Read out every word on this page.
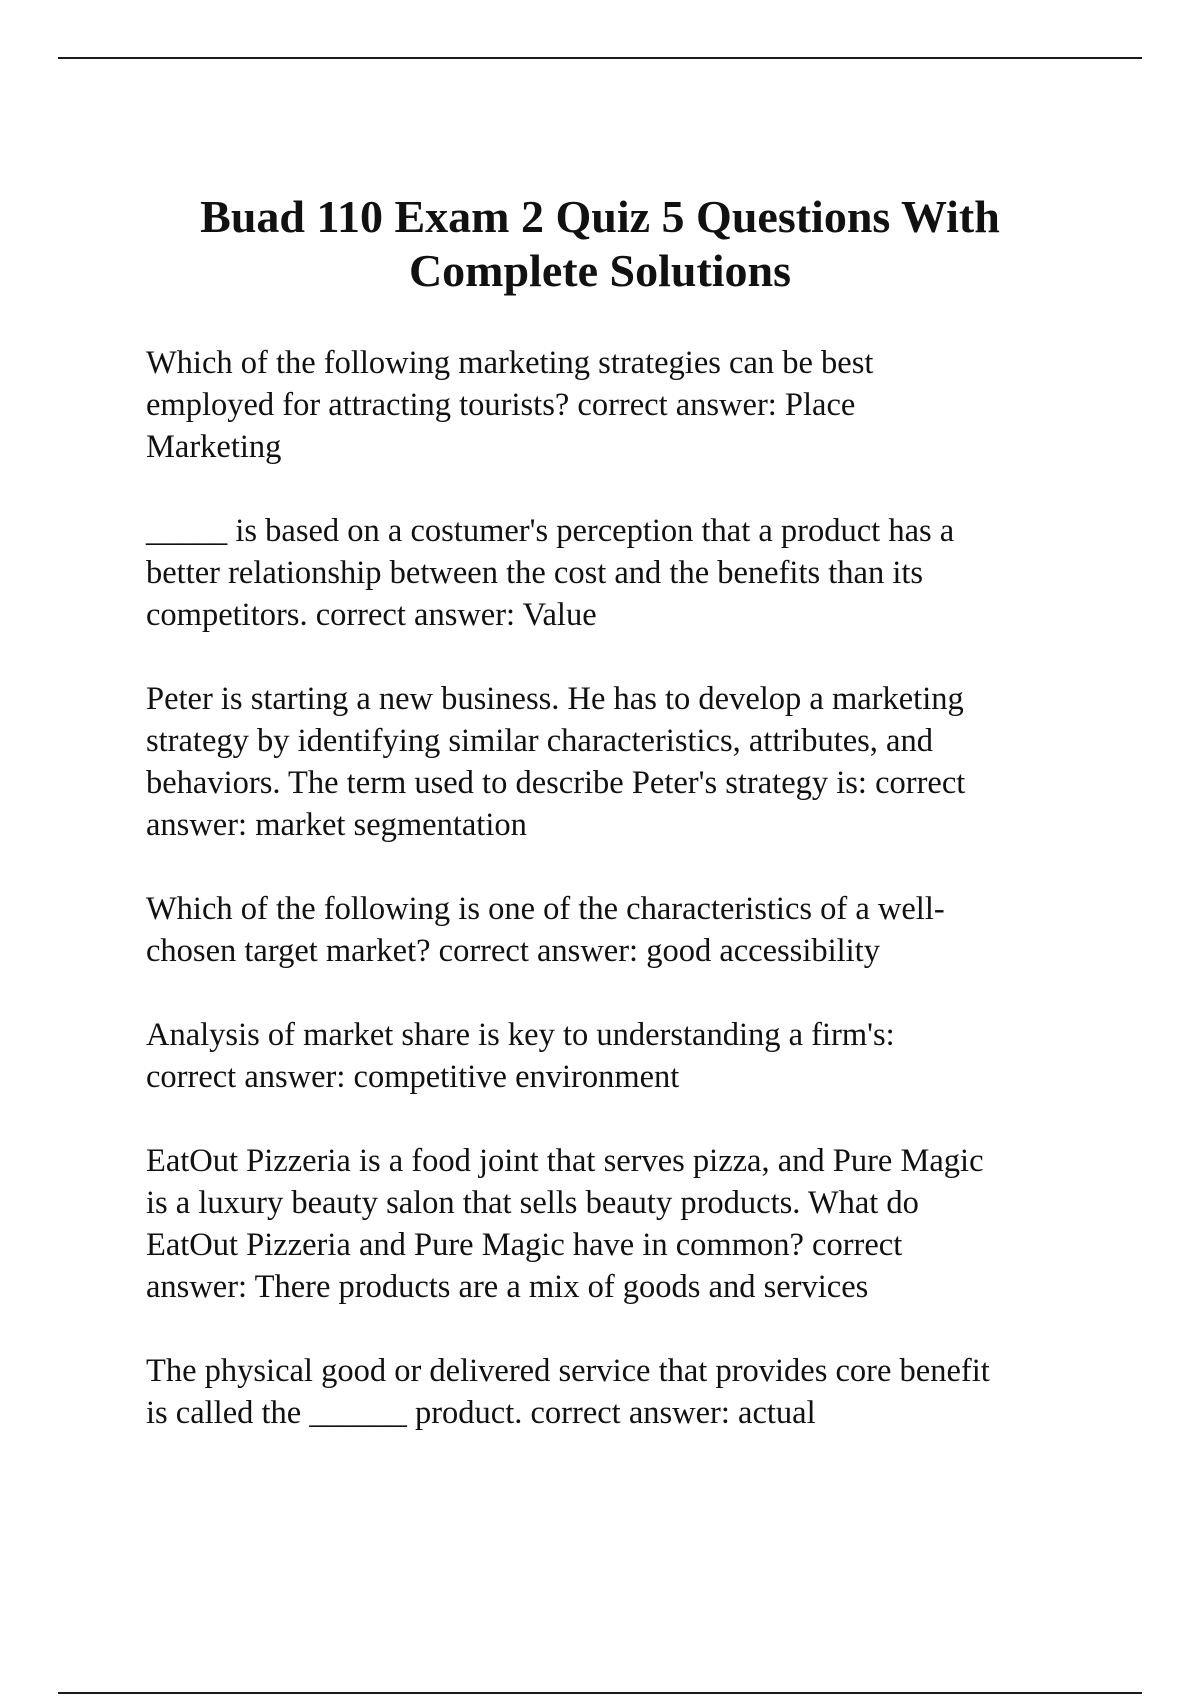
Buad 110 Exam 2 Quiz 5 Questions With
Complete Solutions
Which of the following marketing strategies can be best
employed for attracting tourists? correct answer: Place
Marketing
_____ is based on a costumer's perception that a product has a
better relationship between the cost and the benefits than its
competitors. correct answer: Value
Peter is starting a new business. He has to develop a marketing
strategy by identifying similar characteristics, attributes, and
behaviors. The term used to describe Peter's strategy is: correct
answer: market segmentation
Which of the following is one of the characteristics of a well-
chosen target market? correct answer: good accessibility
Analysis of market share is key to understanding a firm's:
correct answer: competitive environment
EatOut Pizzeria is a food joint that serves pizza, and Pure Magic
is a luxury beauty salon that sells beauty products. What do
EatOut Pizzeria and Pure Magic have in common? correct
answer: There products are a mix of goods and services
The physical good or delivered service that provides core benefit
is called the ______ product. correct answer: actual
